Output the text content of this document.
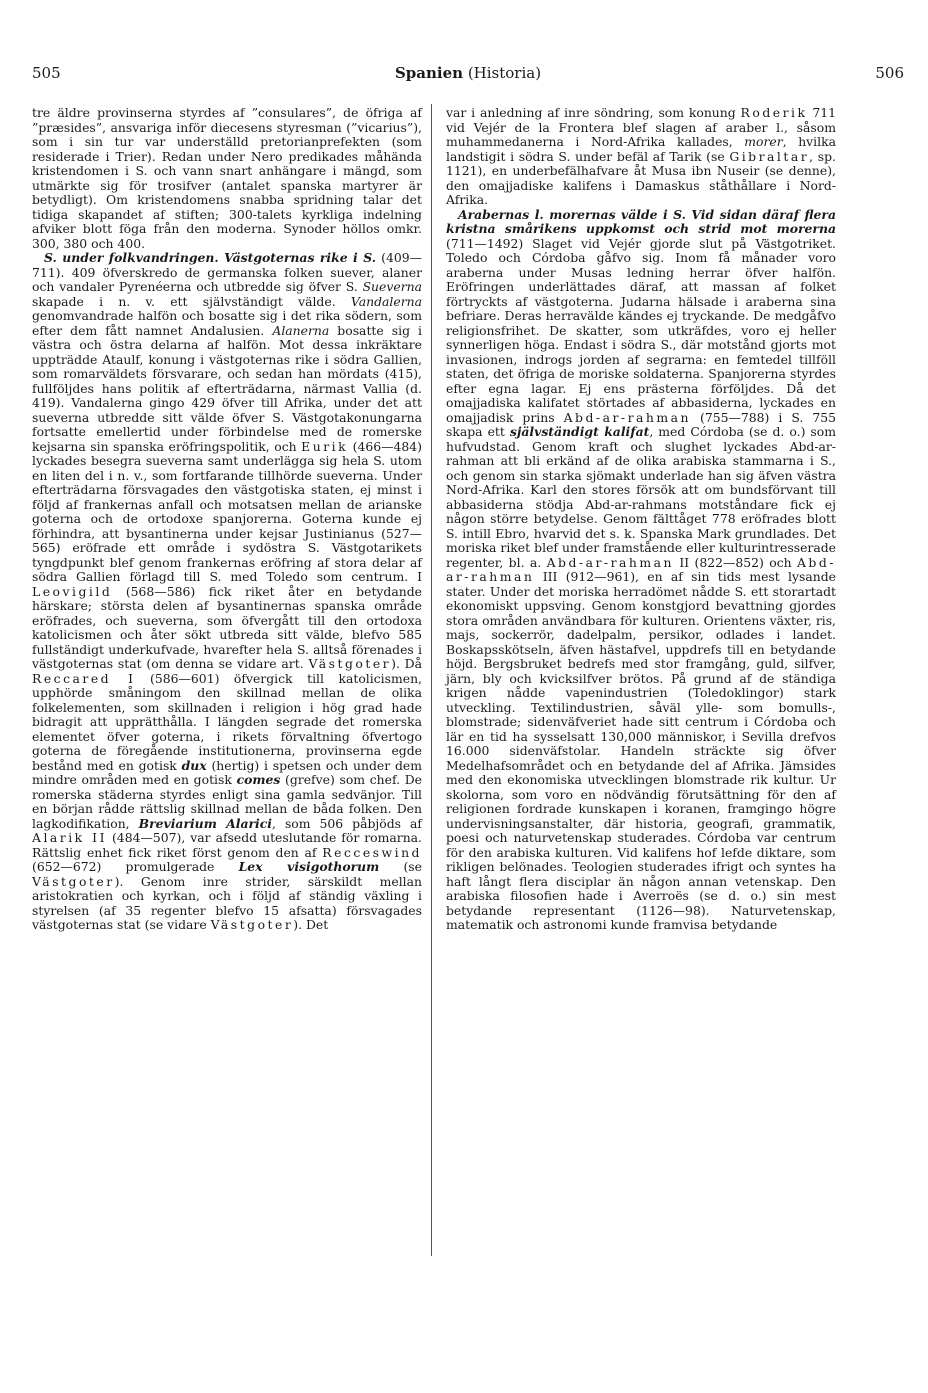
505	Spanien (Historia)	506

tre äldre provinserna styrdes af ”consulares”, de öfriga af ”præsides”, ansvariga inför diecesens styresman (”vicarius”), som i sin tur var underställd pretorianprefekten (som residerade i Trier). Redan under Nero predikades måhända kristendomen i S. och vann snart anhängare i mängd, som utmärkte sig för trosifver (antalet spanska martyrer är betydligt). Om kristendomens snabba spridning talar det tidiga skapandet af stiften; 300-talets kyrkliga indelning afviker blott föga från den moderna. Synoder höllos omkr. 300, 380 och 400.

S. under folkvandringen. Västgoternas rike i S. (409—711). 409 öfverskredo de germanska folken suever, alaner och vandaler Pyrenéerna och utbredde sig öfver S. Sueverna skapade i n. v. ett självständigt välde. Vandalerna genomvandrade halfön och bosatte sig i det rika södern, som efter dem fått namnet Andalusien. Alanerna bosatte sig i västra och östra delarna af halfön. Mot dessa inkräktare uppträdde Ataulf, konung i västgoternas rike i södra Gallien, som romarväldets försvarare, och sedan han mördats (415), fullföljdes hans politik af efterträdarna, närmast Vallia (d. 419). Vandalerna gingo 429 öfver till Afrika, under det att sueverna utbredde sitt välde öfver S. Västgotakonungarna fortsatte emellertid under förbindelse med de romerske kejsarna sin spanska eröfringspolitik, och Eurik (466—484) lyckades besegra sueverna samt underlägga sig hela S. utom en liten del i n. v., som fortfarande tillhörde sueverna. Under efterträdarna försvagades den västgotiska staten, ej minst i följd af frankernas anfall och motsatsen mellan de arianske goterna och de ortodoxe spanjorerna. Goterna kunde ej förhindra, att bysantinerna under kejsar Justinianus (527—565) eröfrade ett område i sydöstra S. Västgotarikets tyngdpunkt blef genom frankernas eröfring af stora delar af södra Gallien förlagd till S. med Toledo som centrum. I Leovigild (568—586) fick riket åter en betydande härskare; största delen af bysantinernas spanska område eröfrades, och sueverna, som öfvergått till den ortodoxa katolicismen och åter sökt utbreda sitt välde, blefvo 585 fullständigt underkufvade, hvarefter hela S. alltså förenades i västgoternas stat (om denna se vidare art. Västgoter). Då Reccared I (586—601) öfvergick till katolicismen, upphörde småningom den skillnad mellan de olika folkelementen, som skillnaden i religion i hög grad hade bidragit att upprätthålla. I längden segrade det romerska elementet öfver goterna, i rikets förvaltning öfvertogo goterna de föregående institutionerna, provinserna egde bestånd med en gotisk dux (hertig) i spetsen och under dem mindre områden med en gotisk comes (grefve) som chef. De romerska städerna styrdes enligt sina gamla sedvänjor. Till en början rådde rättslig skillnad mellan de båda folken. Den lagkodifikation, Breviarium Alarici, som 506 påbjöds af Alarik II (484—507), var afsedd uteslutande för romarna. Rättslig enhet fick riket först genom den af Recceswind (652—672) promulgerade Lex visigothorum (se Västgoter). Genom inre strider, särskildt mellan aristokratien och kyrkan, och i följd af ständig växling i styrelsen (af 35 regenter blefvo 15 afsatta) försvagades västgoternas stat (se vidare Västgoter). Det

var i anledning af inre söndring, som konung Roderik 711 vid Vejér de la Frontera blef slagen af araber l., såsom muhammedanerna i Nord-Afrika kallades, morer, hvilka landstigit i södra S. under befäl af Tarik (se Gibraltar, sp. 1121), en underbefälhafvare åt Musa ibn Nuseir (se denne), den omajjadiske kalifens i Damaskus ståthållare i Nord-Afrika.

Arabernas l. morernas välde i S. Vid sidan däraf flera kristna smårikens uppkomst och strid mot morerna (711—1492) Slaget vid Vejér gjorde slut på Västgotriket. Toledo och Córdoba gåfvo sig. Inom få månader voro araberna under Musas ledning herrar öfver halfön. Eröfringen underlättades däraf, att massan af folket förtryckts af västgoterna. Judarna hälsade i araberna sina befriare. Deras herravälde kändes ej tryckande. De medgåfvo religionsfrihet. De skatter, som utkräfdes, voro ej heller synnerligen höga. Endast i södra S., där motstånd gjorts mot invasionen, indrogs jorden af segrarna: en femtedel tillföll staten, det öfriga de moriske soldaterna. Spanjorerna styrdes efter egna lagar. Ej ens prästerna förföljdes. Då det omajjadiska kalifatet störtades af abbasiderna, lyckades en omajjadisk prins Abd-ar-rahman (755—788) i S. 755 skapa ett självständigt kalifat, med Córdoba (se d. o.) som hufvudstad. Genom kraft och slughet lyckades Abd-ar-rahman att bli erkänd af de olika arabiska stammarna i S., och genom sin starka sjömakt underlade han sig äfven västra Nord-Afrika. Karl den stores försök att om bundsförvant till abbasiderna stödja Abd-ar-rahmans motståndare fick ej någon större betydelse. Genom fälttåget 778 eröfrades blott S. intill Ebro, hvarvid det s. k. Spanska Mark grundlades. Det moriska riket blef under framstående eller kulturintresserade regenter, bl. a. Abd-ar-rahman II (822—852) och Abd-ar-rahman III (912—961), en af sin tids mest lysande stater. Under det moriska herradömet nådde S. ett storartadt ekonomiskt uppsving. Genom konstgjord bevattning gjordes stora områden användbara för kulturen. Orientens växter, ris, majs, sockerrör, dadelpalm, persikor, odlades i landet. Boskapsskötseln, äfven hästafvel, uppdrefs till en betydande höjd. Bergsbruket bedrefs med stor framgång, guld, silfver, järn, bly och kvicksilfver brötos. På grund af de ständiga krigen nådde vapenindustrien (Toledoklingor) stark utveckling. Textilindustrien, såväl ylle- som bomulls-, blomstrade; sidenväfveriet hade sitt centrum i Córdoba och lär en tid ha sysselsatt 130,000 människor, i Sevilla drefvos 16.000 sidenväfstolar. Handeln sträckte sig öfver Medelhafsområdet och en betydande del af Afrika. Jämsides med den ekonomiska utvecklingen blomstrade rik kultur. Ur skolorna, som voro en nödvändig förutsättning för den af religionen fordrade kunskapen i koranen, framgingo högre undervisningsanstalter, där historia, geografi, grammatik, poesi och naturvetenskap studerades. Córdoba var centrum för den arabiska kulturen. Vid kalifens hof lefde diktare, som rikligen belönades. Teologien studerades ifrigt och syntes ha haft långt flera disciplar än någon annan vetenskap. Den arabiska filosofien hade i Averroës (se d. o.) sin mest betydande representant (1126—98). Naturvetenskap, matematik och astronomi kunde framvisa betydande
